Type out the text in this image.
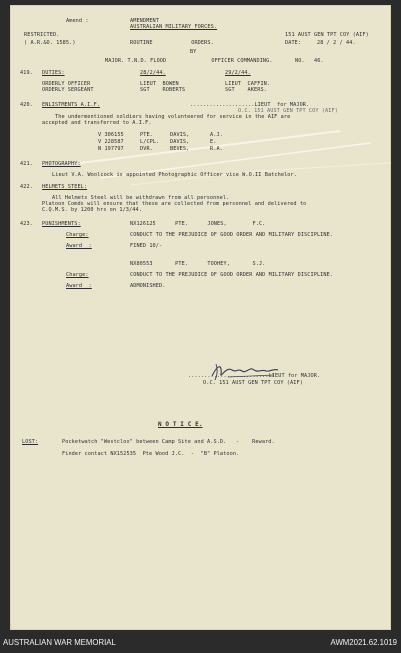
Amend :	AMENDMENT
AUSTRALIAN MILITARY FORCES.
RESTRICTED.
( A.R.&O. 1585.)	ROUTINE            ORDERS.
151 AUST GEN TPT COY (AIF)
DATE:	28 / 2 / 44.
BY
MAJOR. T.N.D. FLOOD              OFFICER COMMANDING.	NO. 46.
419. DUTIES:	28/2/44.	29/2/44.
ORDERLY OFFICER	LIEUT  BOWEN	LIEUT  CAFFIN.
ORDERLY SERGEANT	SGT    ROBERTS	SGT    AKERS.
420. ENLISTMENTS A.I.F.	....................LIEUT  for MAJOR.
O.C. 151 AUST GEN TPT COY (AIF)
The undermentioned soldiers having volunteered for service in the AIF are
accepted and transferred to A.I.F.
V 306155	PTE.	DAVIS,	A.J.
V 228587	L/CPL. DAVIS,	E.
N 197797	DVR.	BEVES,	R.A.
421. PHOTOGRAPHY:
Lieut V.A. Woolcock is appointed Photographic Officer vice W.O.II Batchelor.
422. HELMETS STEEL:
All Helmets Steel will be withdrawn from all personnel.
Platoon Comds will ensure that these are collected from personnel and delivered to
C.Q.M.S. by 1200 hrs on 1/3/44.
423. PUNISHMENTS:	NX126125      PTE.      JONES,        F.C.
Charge:	CONDUCT TO THE PREJUDICE OF GOOD ORDER AND MILITARY DISCIPLINE.
Award  :	FINED 10/-
NX80553       PTE.      TOOHEY,       S.J.
Charge:	CONDUCT TO THE PREJUDICE OF GOOD ORDER AND MILITARY DISCIPLINE.
Award  :	ADMONISHED.
.........................LIEUT for MAJOR.
O.C. 151 AUST GEN TPT COY (AIF)
N O T I C E.
LOST:	Pocketwatch "Westclox" between Camp Site and A.S.D.   -    Reward.
Finder contact NX152535  Pte Wood J.C.  -  "B" Platoon.
AUSTRALIAN WAR MEMORIAL	AWM2021.62.1019
